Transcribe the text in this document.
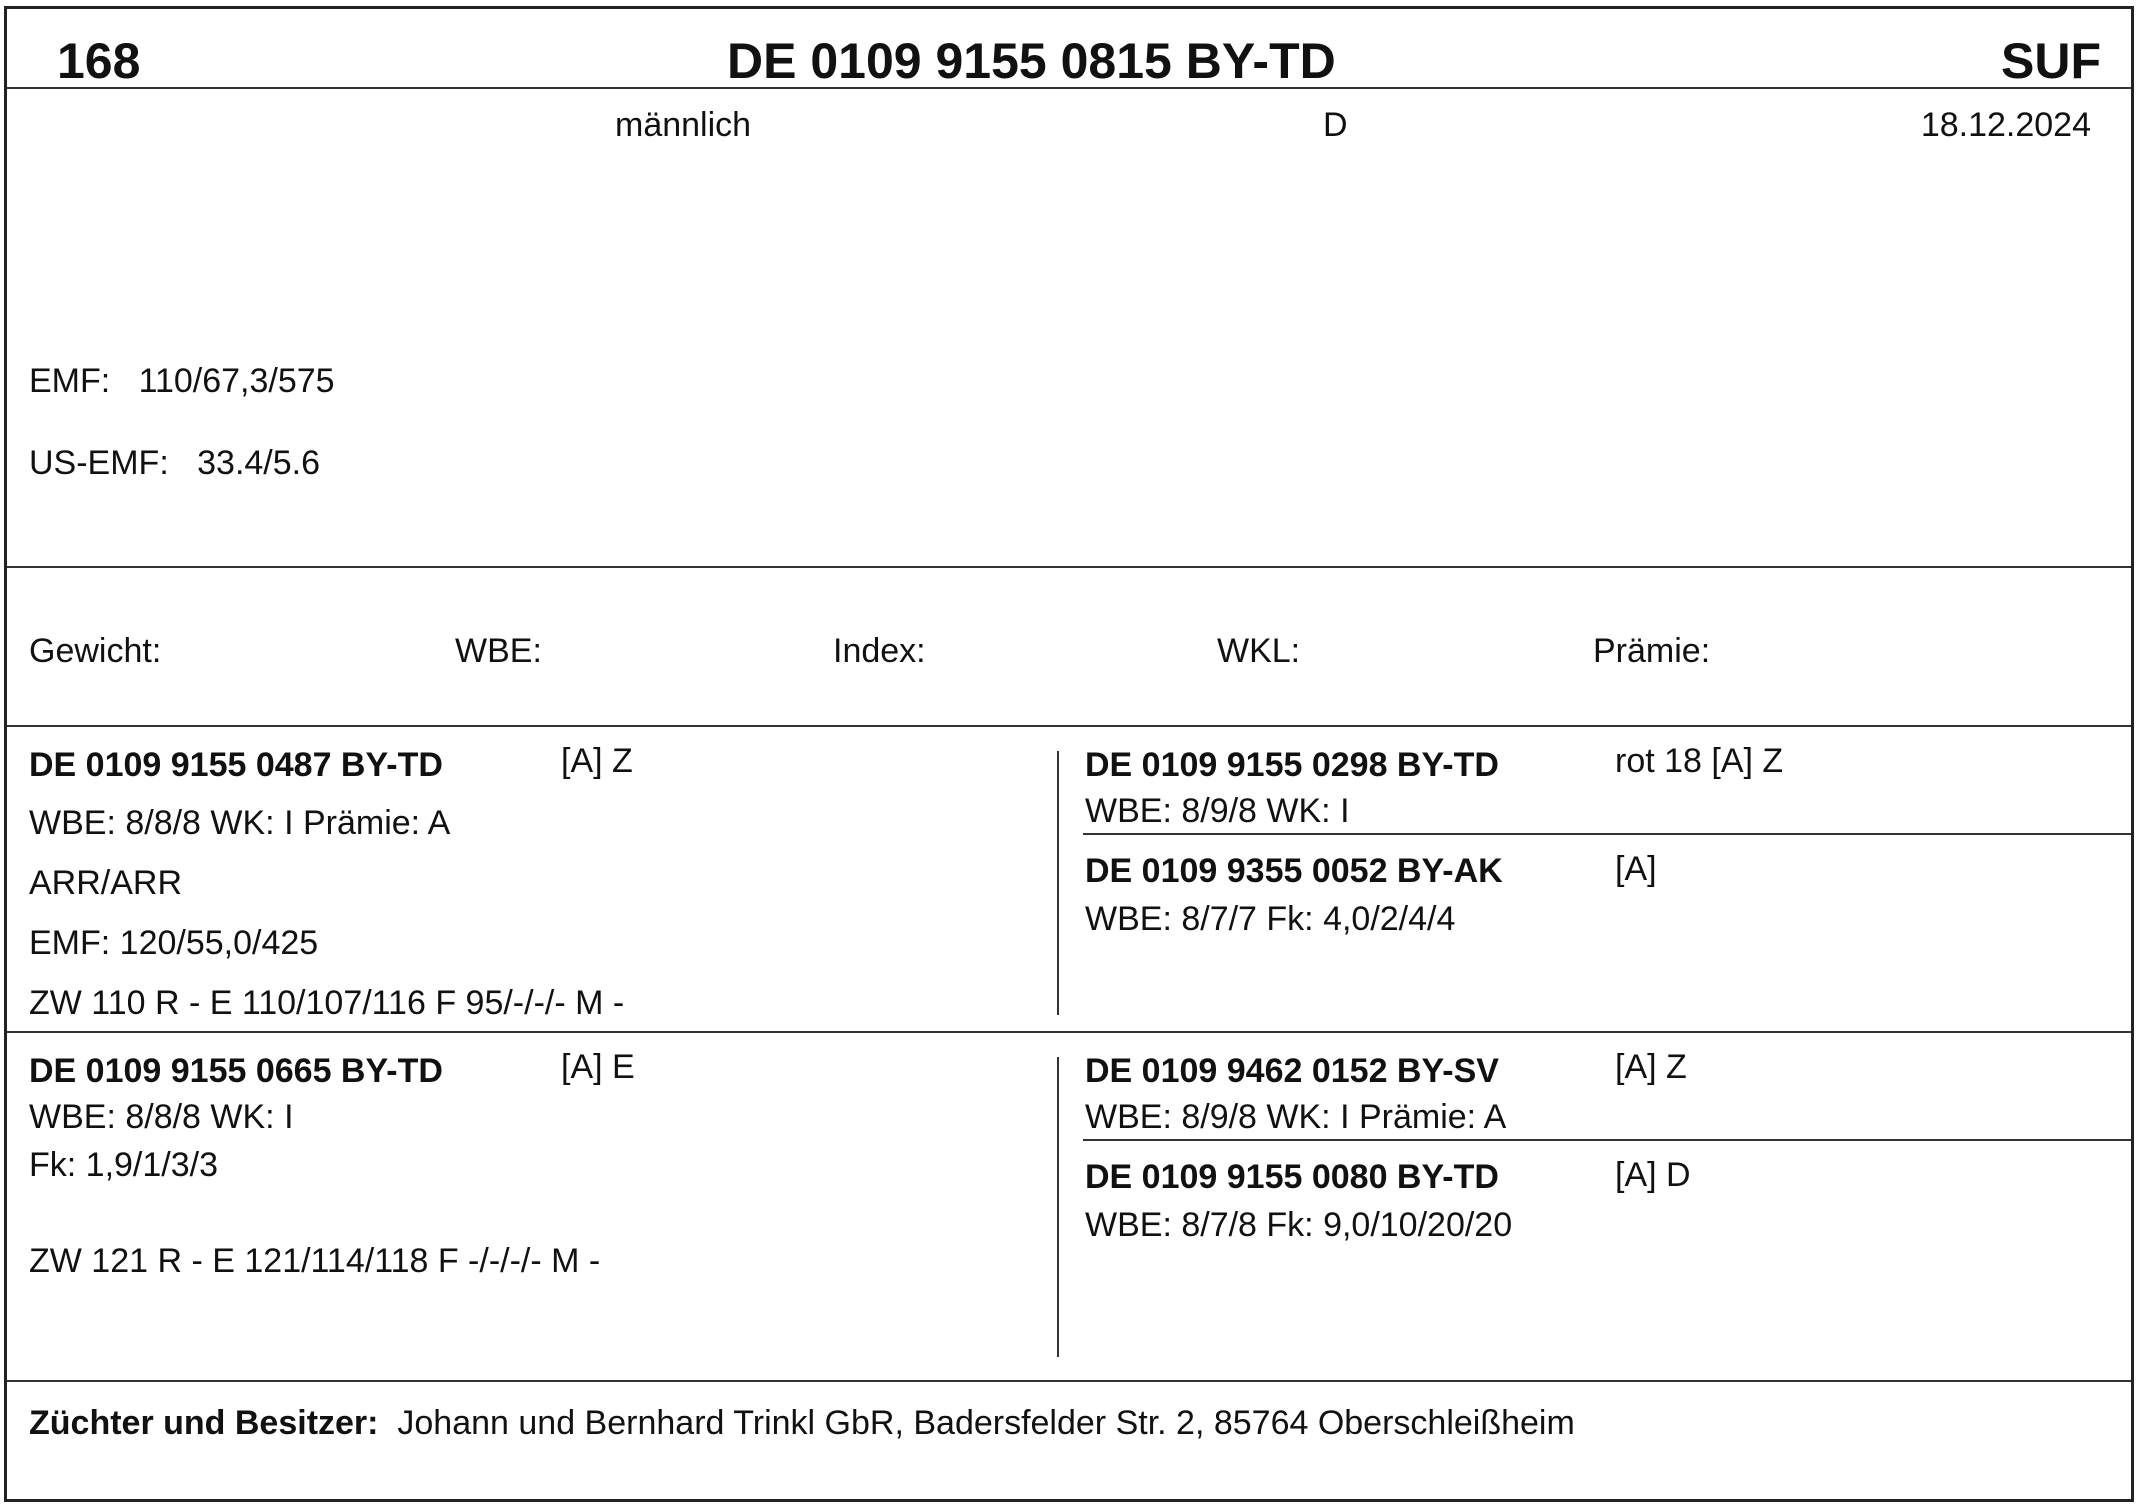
168	DE 0109 9155 0815 BY-TD	SUF
männlich	D	18.12.2024
EMF: 110/67,3/575
US-EMF: 33.4/5.6
Gewicht:	WBE:	Index:	WKL:	Prämie:
DE 0109 9155 0487 BY-TD	[A] Z
WBE: 8/8/8 WK: I Prämie: A
ARR/ARR
EMF: 120/55,0/425
ZW 110 R - E 110/107/116 F 95/-/-/- M -
DE 0109 9155 0298 BY-TD	rot 18 [A] Z
WBE: 8/9/8 WK: I
DE 0109 9355 0052 BY-AK	[A]
WBE: 8/7/7 Fk: 4,0/2/4/4
DE 0109 9155 0665 BY-TD	[A] E
WBE: 8/8/8 WK: I
Fk: 1,9/1/3/3
ZW 121 R - E 121/114/118 F -/-/-/- M -
DE 0109 9462 0152 BY-SV	[A] Z
WBE: 8/9/8 WK: I Prämie: A
DE 0109 9155 0080 BY-TD	[A] D
WBE: 8/7/8 Fk: 9,0/10/20/20
Züchter und Besitzer: Johann und Bernhard Trinkl GbR, Badersfelder Str. 2, 85764 Oberschleißheim
